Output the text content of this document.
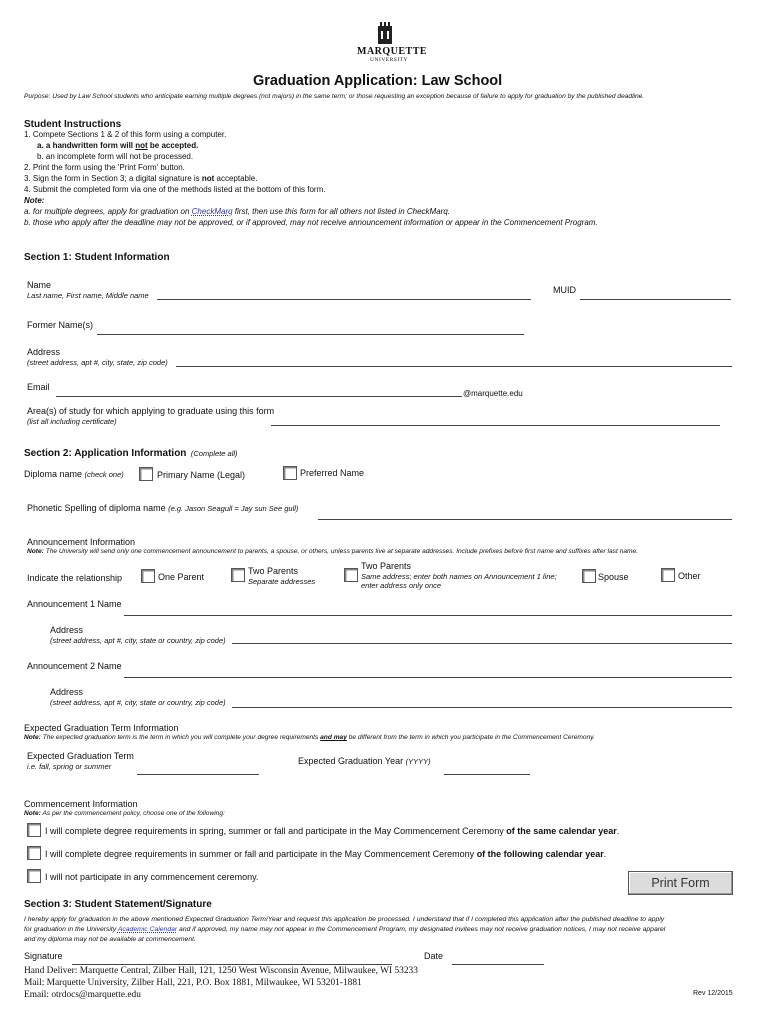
MARQUETTE
UNIVERSITY
Graduation Application: Law School
Purpose: Used by Law School students who anticipate earning multiple degrees (not majors) in the same term; or those requesting an exception because of failure to apply for graduation by the published deadline.
Student Instructions
1. Compete Sections 1 & 2 of this form using a computer.
a. a handwritten form will not be accepted.
b. an incomplete form will not be processed.
2. Print the form using the 'Print Form' button.
3. Sign the form in Section 3; a digital signature is not acceptable.
4. Submit the completed form via one of the methods listed at the bottom of this form.
Note:
a. for multiple degrees, apply for graduation on CheckMarq first, then use this form for all others not listed in CheckMarq.
b. those who apply after the deadline may not be approved, or if approved, may not receive announcement information or appear in the Commencement Program.
Section 1: Student Information
Name
Last name, First name, Middle name
MUID
Former Name(s)
Address
(street address, apt #, city, state, zip code)
Email
@marquette.edu
Area(s) of study for which applying to graduate using this form
(list all including certificate)
Section 2: Application Information (Complete all)
Diploma name (check one)	Primary Name (Legal)	Preferred Name
Phonetic Spelling of diploma name (e.g. Jason Seagull = Jay sun See gull)
Announcement Information
Note: The University will send only one commencement announcement to parents, a spouse, or others, unless parents live at separate addresses. Include prefixes before first name and suffixes after last name.
Indicate the relationship	One Parent
Two Parents
Separate addresses
Two Parents
Same address; enter both names on Announcement 1 line;
enter address only once
Spouse	Other
Announcement 1 Name
Address
(street address, apt #, city, state or country, zip code)
Announcement 2 Name
Address
(street address, apt #, city, state or country, zip code)
Expected Graduation Term Information
Note: The expected graduation term is the term in which you will complete your degree requirements and may be different from the term in which you participate in the Commencement Ceremony.
Expected Graduation Term
i.e. fall, spring or summer
Expected Graduation Year (YYYY)
Commencement Information
Note: As per the commencement policy, choose one of the following:
I will complete degree requirements in spring, summer or fall and participate in the May Commencement Ceremony of the same calendar year.
I will complete degree requirements in summer or fall and participate in the May Commencement Ceremony of the following calendar year.
I will not participate in any commencement ceremony.	Print Form
Section 3: Student Statement/Signature
I hereby apply for graduation in the above mentioned Expected Graduation Term/Year and request this application be processed. I understand that if I completed this application after the published deadline to apply
for graduation in the University Academic Calendar and if approved, my name may not appear in the Commencement Program, my designated invitees may not receive graduation notices, I may not receive apparel
and my diploma may not be available at commencement.
Signature	Date
Hand Deliver: Marquette Central, Zilber Hall, 121, 1250 West Wisconsin Avenue, Milwaukee, WI 53233
Mail: Marquette University, Zilber Hall, 221, P.O. Box 1881, Milwaukee, WI 53201-1881
Email: otrdocs@marquette.edu	Rev 12/2015
